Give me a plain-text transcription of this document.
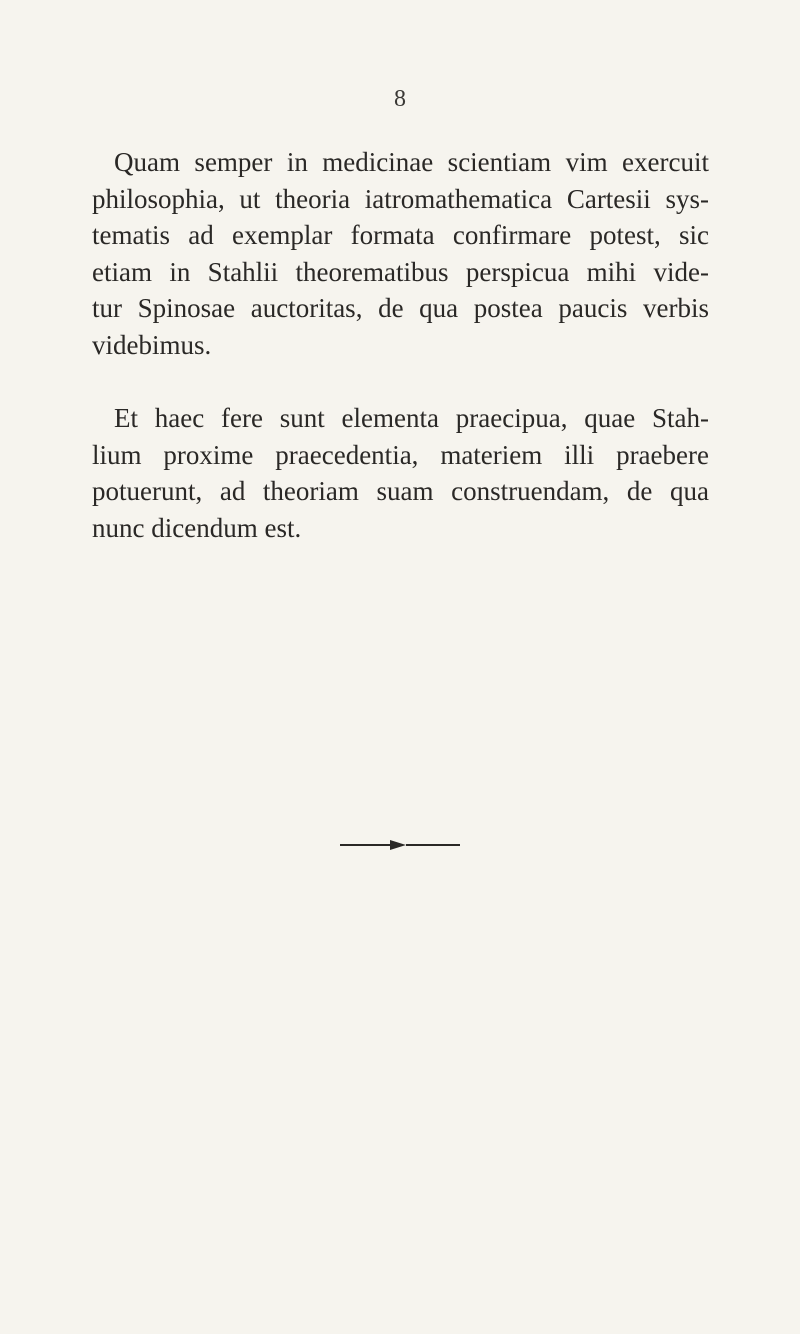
8
Quam semper in medicinae scientiam vim exercuit
philosophia, ut theoria iatromathematica Cartesii sys-
tematis ad exemplar formata confirmare potest, sic
etiam in Stahlii theorematibus perspicua mihi vide-
tur Spinosae auctoritas, de qua postea paucis verbis
videbimus.
Et haec fere sunt elementa praecipua, quae Stah-
lium proxime praecedentia, materiem illi praebere
potuerunt, ad theoriam suam construendam, de qua
nunc dicendum est.
